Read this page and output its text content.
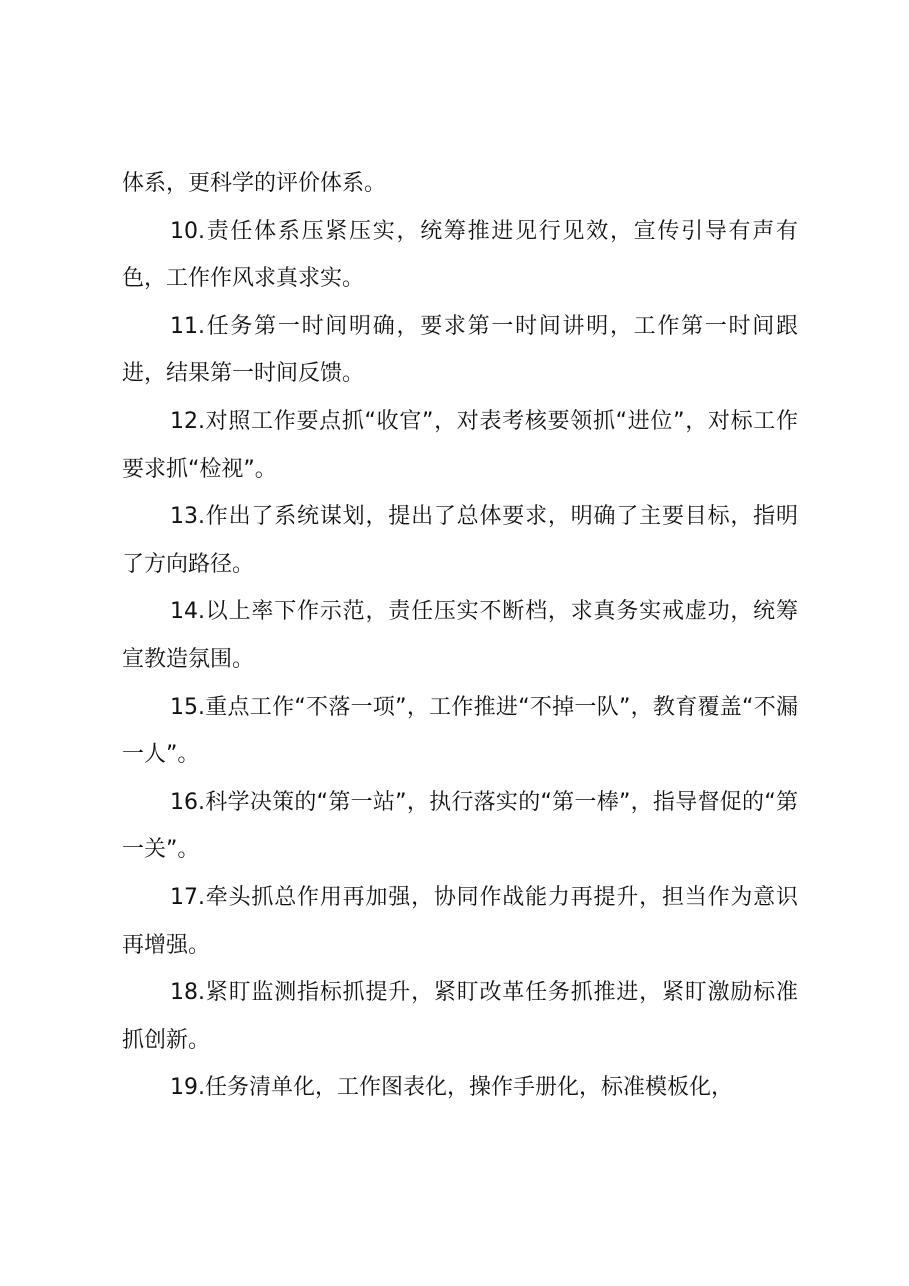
体系，更科学的评价体系。

10.责任体系压紧压实，统筹推进见行见效，宣传引导有声有色，工作作风求真求实。

11.任务第一时间明确，要求第一时间讲明，工作第一时间跟进，结果第一时间反馈。

12.对照工作要点抓“收官”，对表考核要领抓“进位”，对标工作要求抓“检视”。

13.作出了系统谋划，提出了总体要求，明确了主要目标，指明了方向路径。

14.以上率下作示范，责任压实不断档，求真务实戒虚功，统筹宣教造氛围。

15.重点工作“不落一项”，工作推进“不掉一队”，教育覆盖“不漏一人”。

16.科学决策的“第一站”，执行落实的“第一棒”，指导督促的“第一关”。

17.牵头抓总作用再加强，协同作战能力再提升，担当作为意识再增强。

18.紧盯监测指标抓提升，紧盯改革任务抓推进，紧盯激励标准抓创新。

19.任务清单化，工作图表化，操作手册化，标准模板化，
